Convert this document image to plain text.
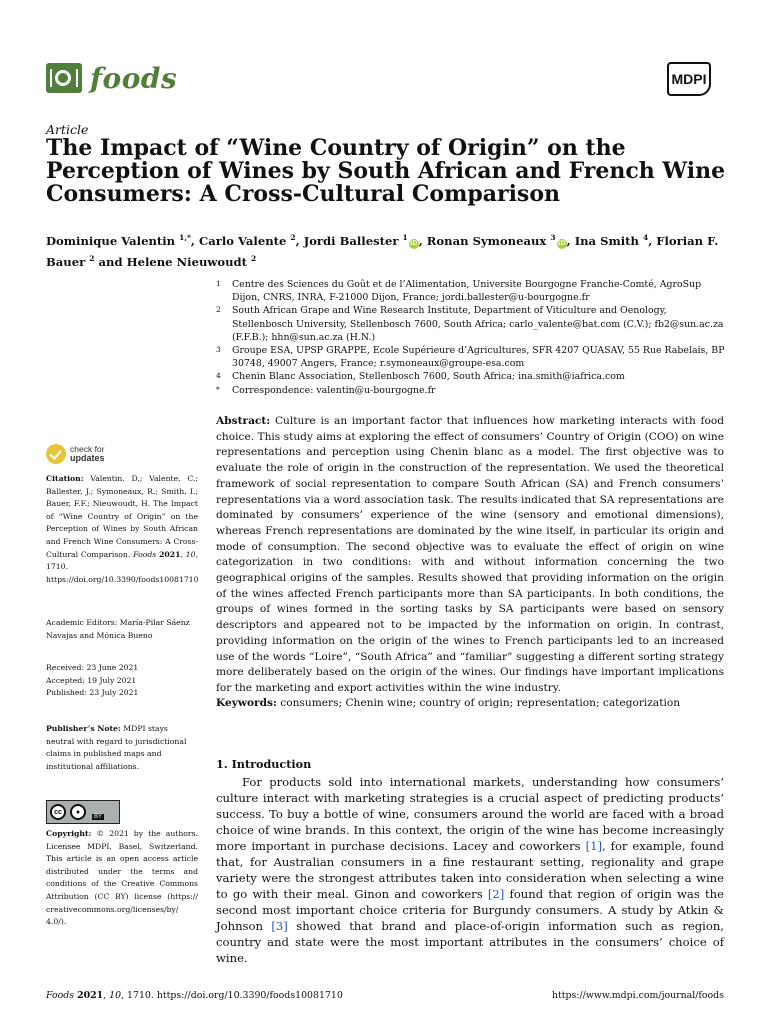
foods	MDPI
Article
The Impact of “Wine Country of Origin” on the Perception of Wines by South African and French Wine Consumers: A Cross-Cultural Comparison
Dominique Valentin $^{1,*}$, Carlo Valente $^2$, Jordi Ballester $^1$iD, Ronan Symoneaux $^3$iD, Ina Smith $^4$, Florian F. Bauer $^2$ and Helene Nieuwoudt $^2$
1	Centre des Sciences du Goût et de l’Alimentation, Universite Bourgogne Franche-Comté, AgroSup Dijon, CNRS, INRA, F-21000 Dijon, France; jordi.ballester@u-bourgogne.fr
2	South African Grape and Wine Research Institute, Department of Viticulture and Oenology, Stellenbosch University, Stellenbosch 7600, South Africa; carlo_valente@bat.com (C.V.); fb2@sun.ac.za (F.F.B.); hhn@sun.ac.za (H.N.)
3	Groupe ESA, UPSP GRAPPE, Ecole Supérieure d’Agricultures, SFR 4207 QUASAV, 55 Rue Rabelais, BP 30748, 49007 Angers, France; r.symoneaux@groupe-esa.com
4	Chenin Blanc Association, Stellenbosch 7600, South Africa; ina.smith@iafrica.com
*	Correspondence: valentin@u-bourgogne.fr
Abstract: Culture is an important factor that influences how marketing interacts with food choice. This study aims at exploring the effect of consumers’ Country of Origin (COO) on wine representations and perception using Chenin blanc as a model. The first objective was to evaluate the role of origin in the construction of the representation. We used the theoretical framework of social representation to compare South African (SA) and French consumers’ representations via a word association task. The results indicated that SA representations are dominated by consumers’ experience of the wine (sensory and emotional dimensions), whereas French representations are dominated by the wine itself, in particular its origin and mode of consumption. The second objective was to evaluate the effect of origin on wine categorization in two conditions: with and without information concerning the two geographical origins of the samples. Results showed that providing information on the origin of the wines affected French participants more than SA participants. In both conditions, the groups of wines formed in the sorting tasks by SA participants were based on sensory descriptors and appeared not to be impacted by the information on origin. In contrast, providing information on the origin of the wines to French participants led to an increased use of the words “Loire”, “South Africa” and “familiar” suggesting a different sorting strategy more deliberately based on the origin of the wines. Our findings have important implications for the marketing and export activities within the wine industry.
Keywords: consumers; Chenin wine; country of origin; representation; categorization
1. Introduction
For products sold into international markets, understanding how consumers’ culture interact with marketing strategies is a crucial aspect of predicting products’ success. To buy a bottle of wine, consumers around the world are faced with a broad choice of wine brands. In this context, the origin of the wine has become increasingly more important in purchase decisions. Lacey and coworkers [1], for example, found that, for Australian consumers in a fine restaurant setting, regionality and grape variety were the strongest attributes taken into consideration when selecting a wine to go with their meal. Ginon and coworkers [2] found that region of origin was the second most important choice criteria for Burgundy consumers. A study by Atkin & Johnson [3] showed that brand and place-of-origin information such as region, country and state were the most important attributes in the consumers’ choice of wine.
check for
updates
Citation: Valentin, D.; Valente, C.; Ballester, J.; Symoneaux, R.; Smith, I.; Bauer, F.F.; Nieuwoudt, H. The Impact of “Wine Country of Origin” on the Perception of Wines by South African and French Wine Consumers: A Cross-Cultural Comparison. Foods 2021, 10, 1710. https://doi.org/10.3390/foods10081710
Academic Editors: María-Pilar Sáenz Navajas and Mónica Bueno
Received: 23 June 2021
Accepted: 19 July 2021
Published: 23 July 2021
Publisher’s Note: MDPI stays neutral with regard to jurisdictional claims in published maps and institutional affiliations.
cc	●
BY
Copyright: © 2021 by the authors. Licensee MDPI, Basel, Switzerland. This article is an open access article distributed under the terms and conditions of the Creative Commons Attribution (CC BY) license (https:// creativecommons.org/licenses/by/ 4.0/).
Foods 2021, 10, 1710. https://doi.org/10.3390/foods10081710	https://www.mdpi.com/journal/foods
